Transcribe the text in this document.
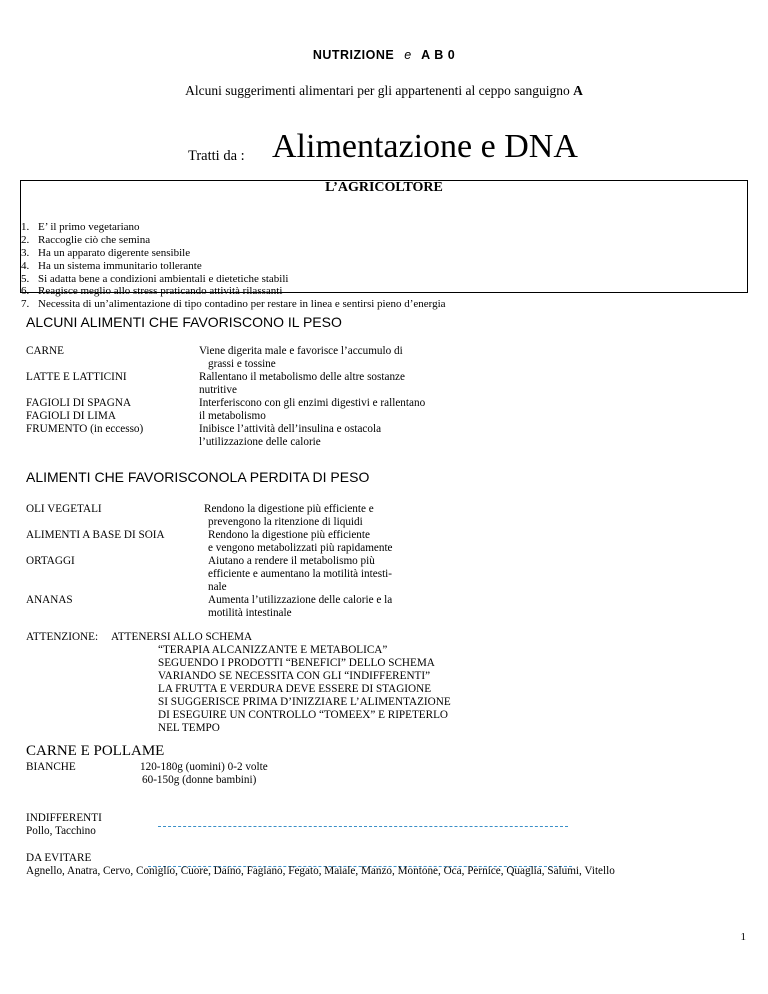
NUTRIZIONE e A B 0
Alcuni suggerimenti alimentari per gli appartenenti al ceppo sanguigno A
Tratti da : Alimentazione e DNA
L’AGRICOLTORE
1. E’ il primo vegetariano
2. Raccoglie ciò che semina
3. Ha un apparato digerente sensibile
4. Ha un sistema immunitario tollerante
5. Si adatta bene a condizioni ambientali e dietetiche stabili
6. Reagisce meglio allo stress praticando attività rilassanti
7. Necessita di un’alimentazione di tipo contadino per restare in linea e sentirsi pieno d’energia
ALCUNI ALIMENTI CHE FAVORISCONO IL PESO
CARNE
LATTE E LATTICINI
FAGIOLI DI SPAGNA
FAGIOLI DI LIMA
FRUMENTO (in eccesso)
Viene digerita male e favorisce l’accumulo di
grassi e tossine
Rallentano il metabolismo delle altre sostanze
nutritive
Interferiscono con gli enzimi digestivi e rallentano
il metabolismo
Inibisce l’attività dell’insulina e ostacola
l’utilizzazione delle calorie
ALIMENTI CHE FAVORISCONOLA PERDITA DI PESO
OLI VEGETALI
ALIMENTI A BASE DI SOIA
ORTAGGI
ANANAS
Rendono la digestione più efficiente e
prevengono la ritenzione di liquidi
Rendono la digestione più efficiente
e vengono metabolizzati più rapidamente
Aiutano a rendere il metabolismo più
efficiente e aumentano la motilità intesti-
nale
Aumenta l’utilizzazione delle calorie e la
motilità intestinale
ATTENZIONE: ATTENERSI ALLO SCHEMA
“TERAPIA ALCANIZZANTE E METABOLICA”
SEGUENDO I PRODOTTI “BENEFICI” DELLO SCHEMA
VARIANDO SE NECESSITA CON GLI “INDIFFERENTI”
LA FRUTTA E VERDURA DEVE ESSERE DI STAGIONE
SI SUGGERISCE PRIMA D’INIZZIARE L’ALIMENTAZIONE
DI ESEGUIRE UN CONTROLLO “TOMEEX” E RIPETERLO
NEL TEMPO
CARNE E POLLAME
BIANCHE	120-180g (uomini) 0-2 volte
60-150g (donne bambini)
INDIFFERENTI
Pollo, Tacchino
DA EVITARE
Agnello, Anatra, Cervo, Coniglio, Cuore, Daino, Fagiano, Fegato, Maiale, Manzo, Montone, Oca, Pernice, Quaglia, Salumi, Vitello
1
